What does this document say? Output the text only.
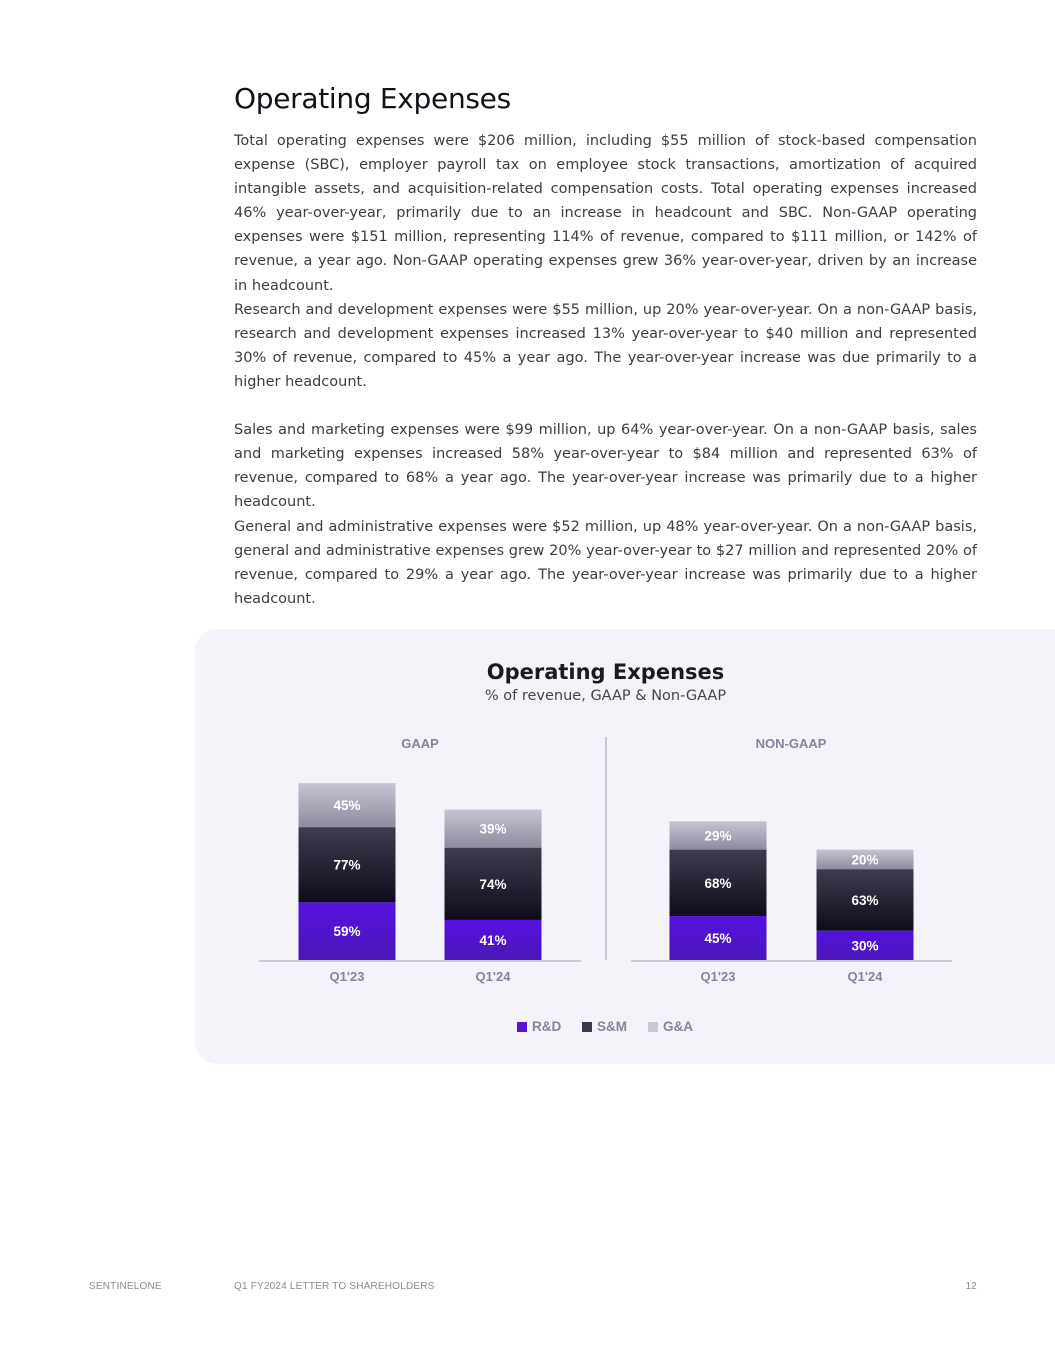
Operating Expenses

Total operating expenses were $206 million, including $55 million of stock-based compensation expense (SBC), employer payroll tax on employee stock transactions, amortization of acquired intangible assets, and acquisition-related compensation costs. Total operating expenses increased 46% year-over-year, primarily due to an increase in headcount and SBC. Non-GAAP operating expenses were $151 million, representing 114% of revenue, compared to $111 million, or 142% of revenue, a year ago. Non-GAAP operating expenses grew 36% year-over-year, driven by an increase in headcount.

Research and development expenses were $55 million, up 20% year-over-year. On a non-GAAP basis, research and development expenses increased 13% year-over-year to $40 million and represented 30% of revenue, compared to 45% a year ago. The year-over-year increase was due primarily to a higher headcount.

Sales and marketing expenses were $99 million, up 64% year-over-year. On a non-GAAP basis, sales and marketing expenses increased 58% year-over-year to $84 million and represented 63% of revenue, compared to 68% a year ago. The year-over-year increase was primarily due to a higher headcount.

General and administrative expenses were $52 million, up 48% year-over-year. On a non-GAAP basis, general and administrative expenses grew 20% year-over-year to $27 million and represented 20% of revenue, compared to 29% a year ago. The year-over-year increase was primarily due to a higher headcount.

Operating Expenses

% of revenue, GAAP & Non-GAAP

GAAP
59%
77%
45%
Q1'23
41%
74%
39%
Q1'24
NON-GAAP
45%
68%
29%
Q1'23
30%
63%
20%
Q1'24
R&D	S&M	G&A
SENTINELONE	Q1 FY2024 LETTER TO SHAREHOLDERS	12
